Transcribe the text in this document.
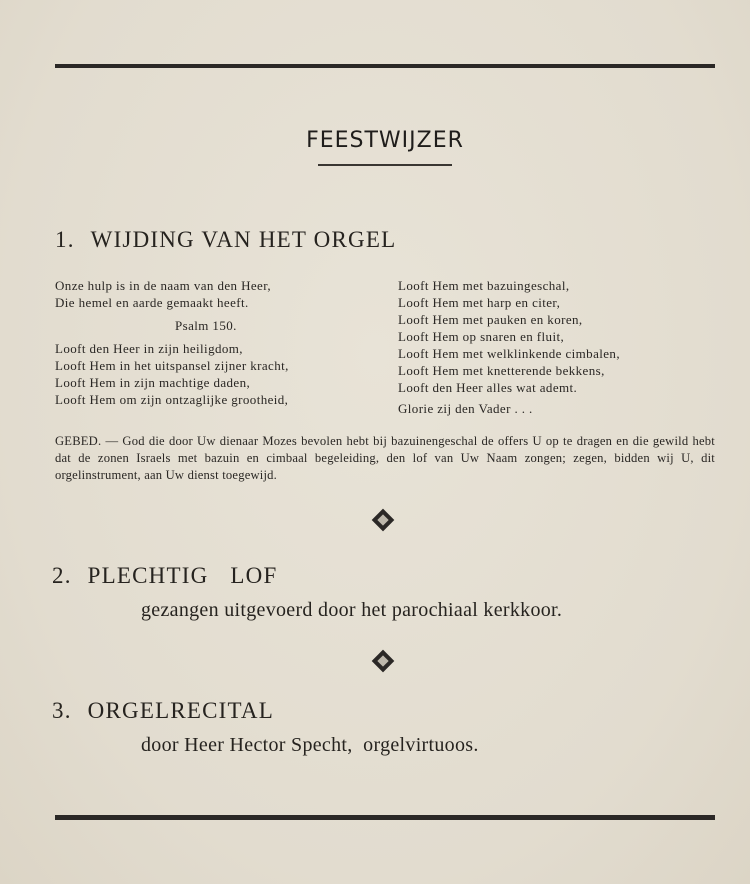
FEESTWIJZER
1. WIJDING VAN HET ORGEL
Onze hulp is in de naam van den Heer,
Die hemel en aarde gemaakt heeft.
Psalm 150.
Looft den Heer in zijn heiligdom,
Looft Hem in het uitspansel zijner kracht,
Looft Hem in zijn machtige daden,
Looft Hem om zijn ontzaglijke grootheid,
Looft Hem met bazuingeschal,
Looft Hem met harp en citer,
Looft Hem met pauken en koren,
Looft Hem op snaren en fluit,
Looft Hem met welklinkende cimbalen,
Looft Hem met knetterende bekkens,
Looft den Heer alles wat ademt.
Glorie zij den Vader . . .
GEBED. — God die door Uw dienaar Mozes bevolen hebt bij bazuinengeschal de offers U op te dragen en die gewild hebt dat de zonen Israels met bazuin en cimbaal begeleiding, den lof van Uw Naam zongen; zegen, bidden wij U, dit orgelinstrument, aan Uw dienst toegewijd.
2. PLECHTIG LOF
gezangen uitgevoerd door het parochiaal kerkkoor.
3. ORGELRECITAL
door Heer Hector Specht,  orgelvirtuoos.
